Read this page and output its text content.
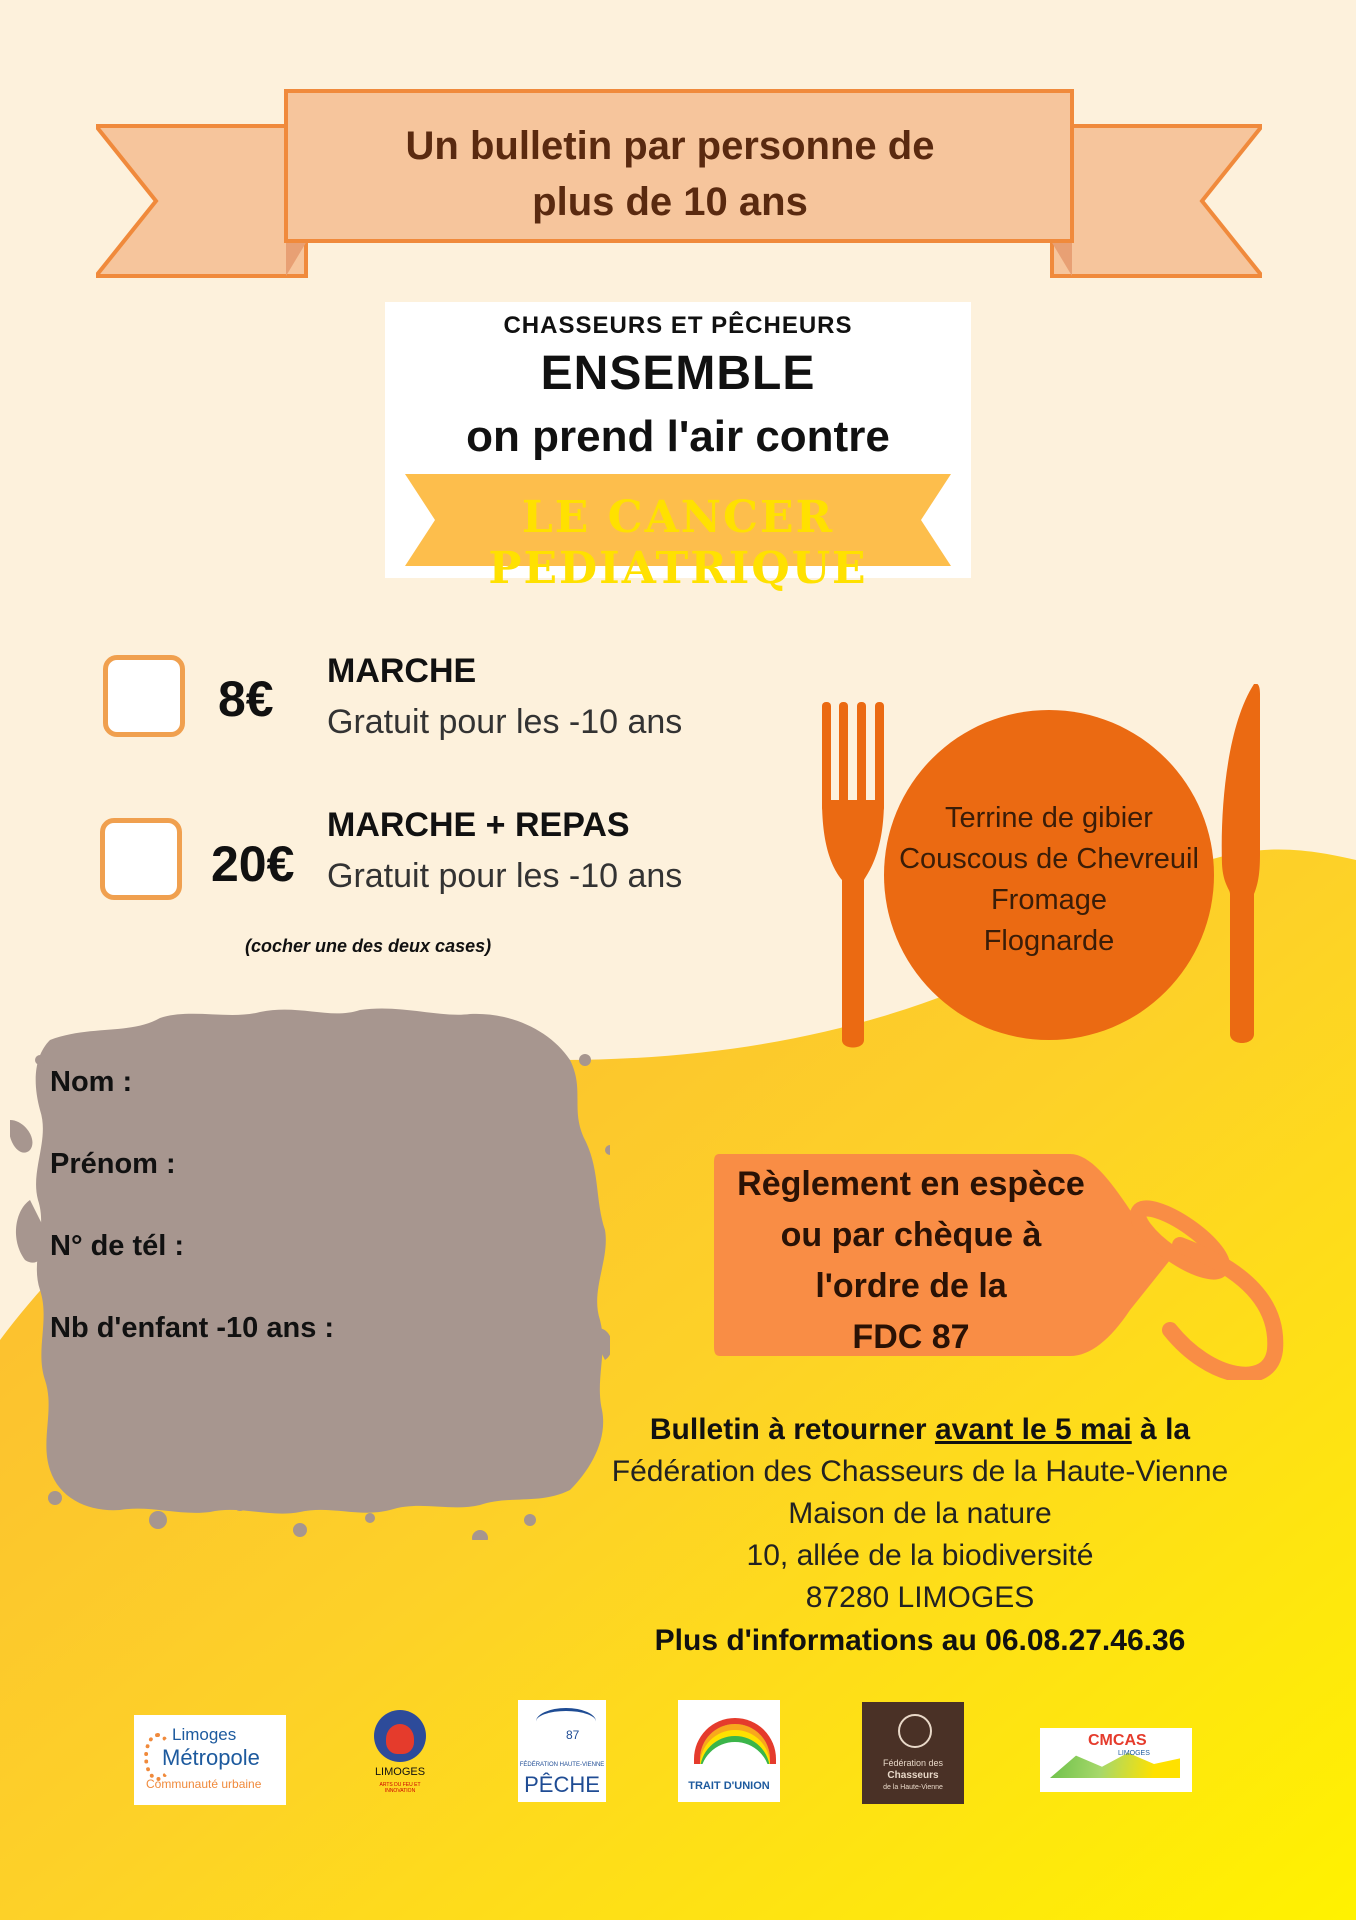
Un bulletin par personne de
plus de 10 ans
CHASSEURS ET PÊCHEURS
ENSEMBLE
on prend l'air contre
LE CANCER PEDIATRIQUE
8€ MARCHE
Gratuit pour les -10 ans
20€
MARCHE + REPAS
Gratuit pour les -10 ans
(cocher une des deux cases)
Terrine de gibier
Couscous de Chevreuil
Fromage
Flognarde
Nom :
Prénom :
N° de tél :
Nb d'enfant -10 ans :
Règlement en espèce
ou par chèque à
l'ordre de la
FDC 87
Bulletin à retourner avant le 5 mai à la
Fédération des Chasseurs de la Haute-Vienne
Maison de la nature
10, allée de la biodiversité
87280 LIMOGES
Plus d'informations au 06.08.27.46.36
Limoges
Métropole
Communauté urbaine
LIMOGES
ARTS DU FEU ET INNOVATION
87
FÉDÉRATION HAUTE-VIENNE
PÊCHE	TRAIT D'UNION
Fédération des
Chasseurs
de la Haute-Vienne
CMCAS
LIMOGES
